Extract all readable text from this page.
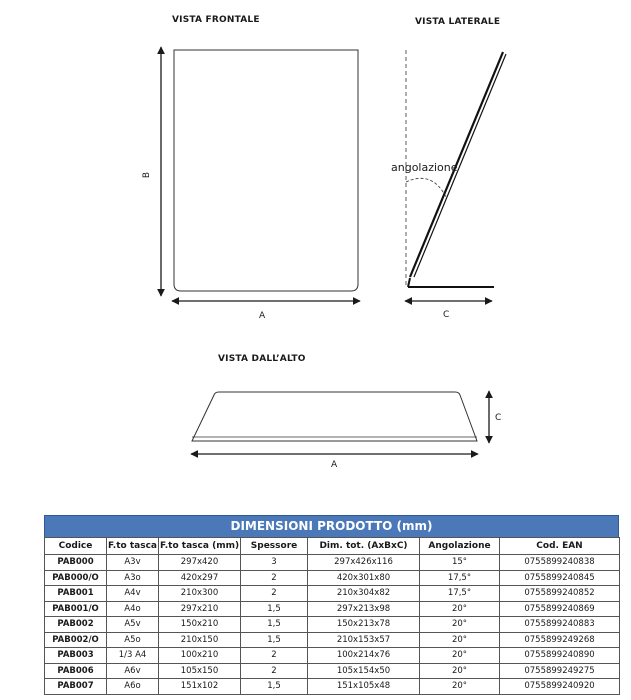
VISTA FRONTALE	VISTA LATERALE
VISTA DALL’ALTO
A
B
C
angolazione
A
C
DIMENSIONI PRODOTTO (mm)
Codice	F.to tasca	F.to tasca (mm)	Spessore	Dim. tot. (AxBxC)	Angolazione	Cod. EAN
PAB000	A3v	297x420	3	297x426x116	15°	0755899240838
PAB000/O	A3o	420x297	2	420x301x80	17,5°	0755899240845
PAB001	A4v	210x300	2	210x304x82	17,5°	0755899240852
PAB001/O	A4o	297x210	1,5	297x213x98	20°	0755899240869
PAB002	A5v	150x210	1,5	150x213x78	20°	0755899240883
PAB002/O	A5o	210x150	1,5	210x153x57	20°	0755899249268
PAB003	1/3 A4	100x210	2	100x214x76	20°	0755899240890
PAB006	A6v	105x150	2	105x154x50	20°	0755899249275
PAB007	A6o	151x102	1,5	151x105x48	20°	0755899240920
